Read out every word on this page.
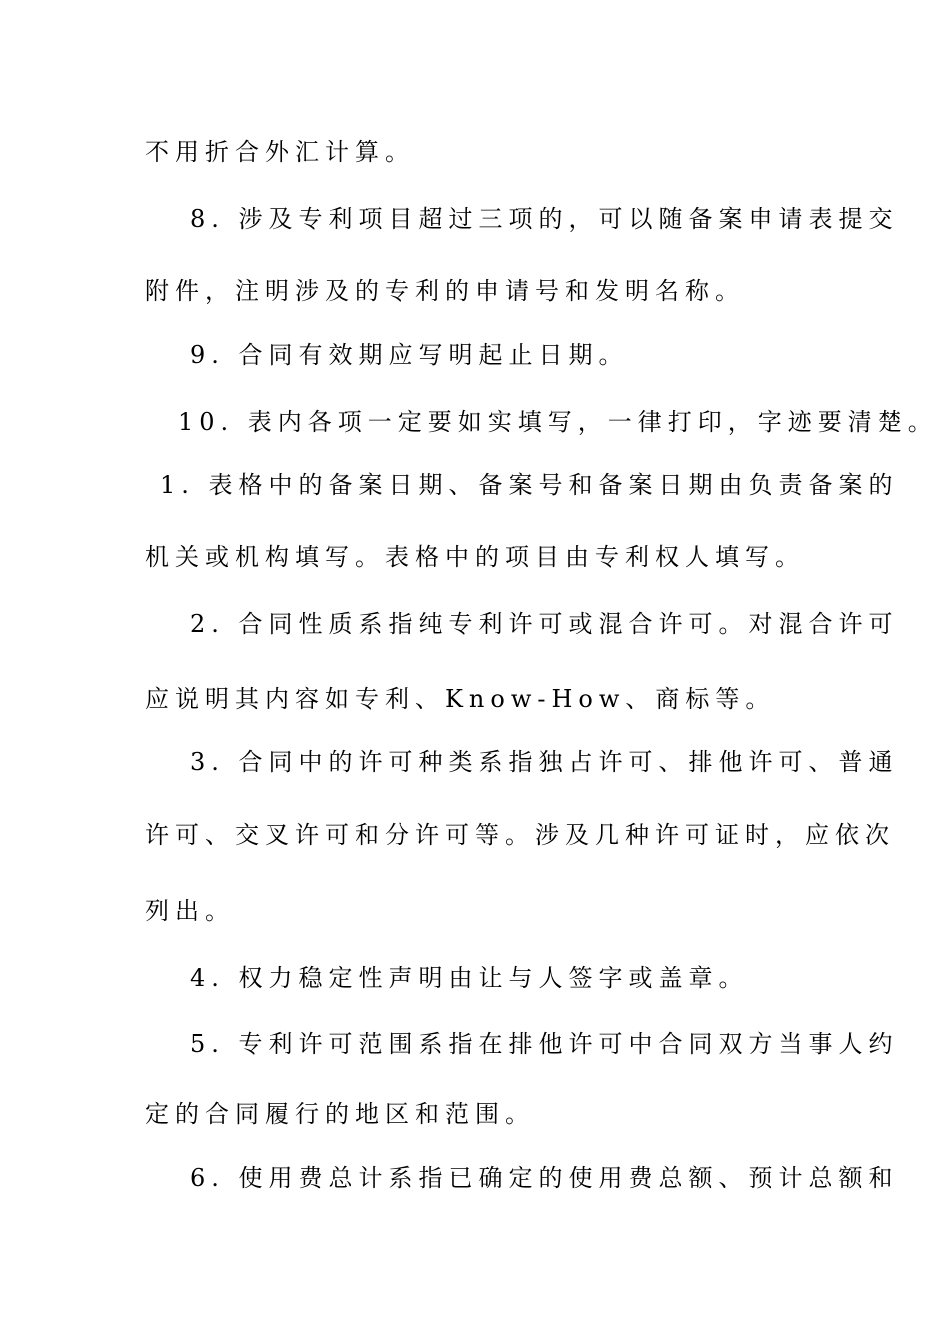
不用折合外汇计算。
8. 涉及专利项目超过三项的，可以随备案申请表提交
附件，注明涉及的专利的申请号和发明名称。
9. 合同有效期应写明起止日期。
10. 表内各项一定要如实填写，一律打印，字迹要清楚。
1. 表格中的备案日期、备案号和备案日期由负责备案的
机关或机构填写。表格中的项目由专利权人填写。
2. 合同性质系指纯专利许可或混合许可。对混合许可
应说明其内容如专利、Know-How、商标等。
3. 合同中的许可种类系指独占许可、排他许可、普通
许可、交叉许可和分许可等。涉及几种许可证时，应依次
列出。
4. 权力稳定性声明由让与人签字或盖章。
5. 专利许可范围系指在排他许可中合同双方当事人约
定的合同履行的地区和范围。
6. 使用费总计系指已确定的使用费总额、预计总额和
